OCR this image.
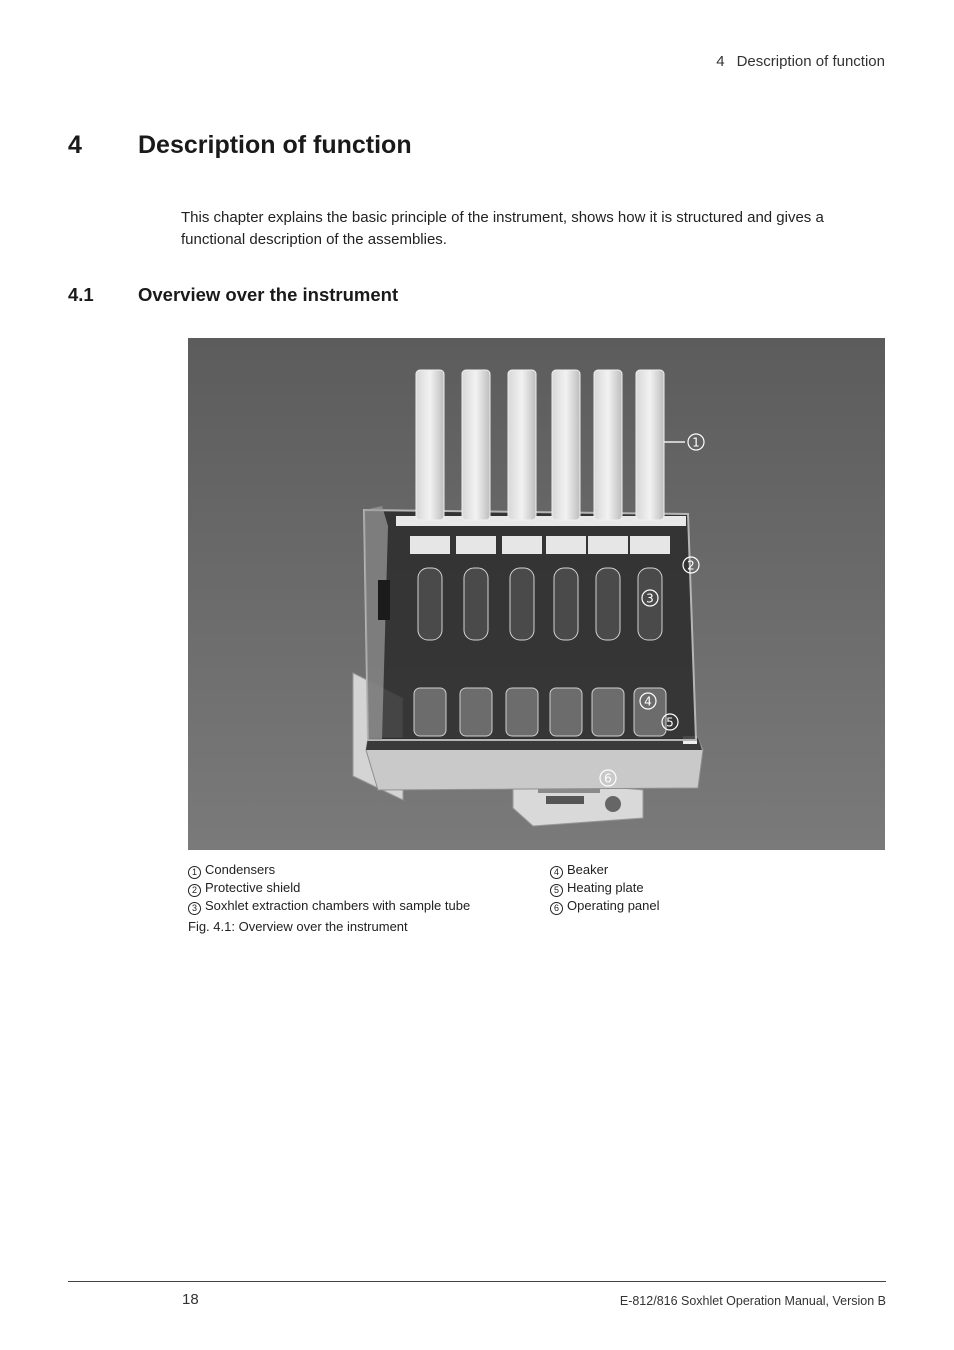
4 Description of function
4 Description of function
This chapter explains the basic principle of the instrument, shows how it is structured and gives a functional description of the assemblies.
4.1 Overview over the instrument
1
2
3
4
5
6
1 Condensers
2 Protective shield
3 Soxhlet extraction chambers with sample tube
4 Beaker
5 Heating plate
6 Operating panel
Fig. 4.1: Overview over the instrument
18	E-812/816 Soxhlet Operation Manual, Version B
